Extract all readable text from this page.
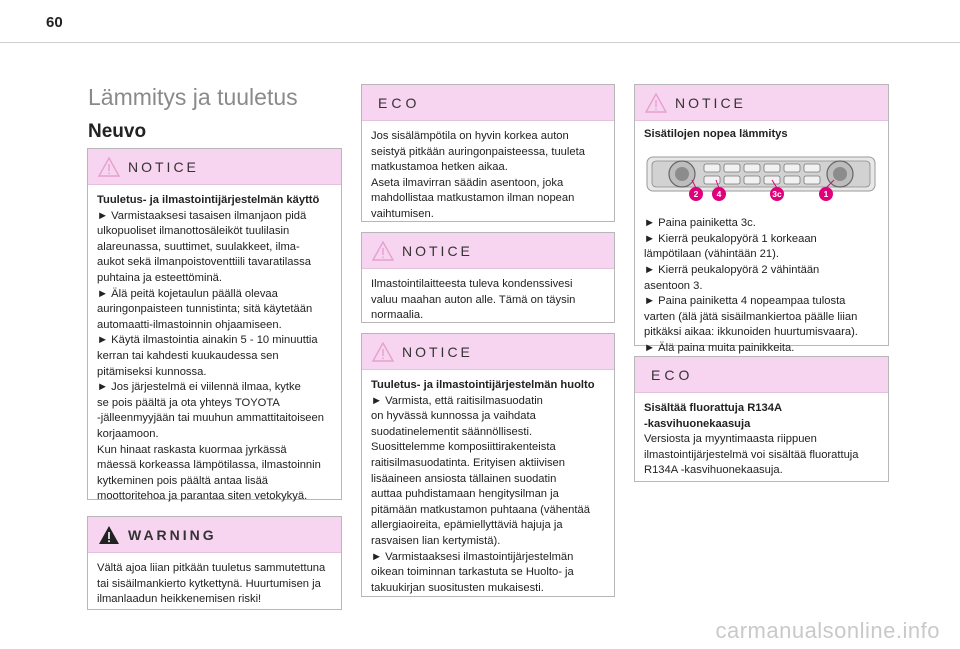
60
Lämmitys ja tuuletus
Neuvo
NOTICE

Tuuletus- ja ilmastointijärjestelmän käyttö

► Varmistaaksesi tasaisen ilmanjaon pidä

ulkopuoliset ilmanottosäleiköt tuulilasin

alareunassa, suuttimet, suulakkeet, ilma-

aukot sekä ilmanpoistoventtiili tavaratilassa

puhtaina ja esteettöminä.

► Älä peitä kojetaulun päällä olevaa

auringonpaisteen tunnistinta; sitä käytetään

automaatti-ilmastoinnin ohjaamiseen.

► Käytä ilmastointia ainakin 5 - 10 minuuttia

kerran tai kahdesti kuukaudessa sen

pitämiseksi kunnossa.

► Jos järjestelmä ei viilennä ilmaa, kytke

se pois päältä ja ota yhteys TOYOTA

-jälleenmyyjään tai muuhun ammattitaitoiseen

korjaamoon.

Kun hinaat raskasta kuormaa jyrkässä

mäessä korkeassa lämpötilassa, ilmastoinnin

kytkeminen pois päältä antaa lisää

moottoritehoa ja parantaa siten vetokykyä.

WARNING

Vältä ajoa liian pitkään tuuletus sammutettuna

tai sisäilmankierto kytkettynä. Huurtumisen ja

ilmanlaadun heikkenemisen riski!

ECO

Jos sisälämpötila on hyvin korkea auton

seistyä pitkään auringonpaisteessa, tuuleta

matkustamoa hetken aikaa.

Aseta ilmavirran säädin asentoon, joka

mahdollistaa matkustamon ilman nopean

vaihtumisen.

NOTICE

Ilmastointilaitteesta tuleva kondenssivesi

valuu maahan auton alle. Tämä on täysin

normaalia.

NOTICE

Tuuletus- ja ilmastointijärjestelmän huolto

► Varmista, että raitisilmasuodatin

on hyvässä kunnossa ja vaihdata

suodatinelementit säännöllisesti.

Suosittelemme komposiittirakenteista

raitisilmasuodatinta. Erityisen aktiivisen

lisäaineen ansiosta tällainen suodatin

auttaa puhdistamaan hengitysilman ja

pitämään matkustamon puhtaana (vähentää

allergiaoireita, epämiellyttäviä hajuja ja

rasvaisen lian kertymistä).

► Varmistaaksesi ilmastointijärjestelmän

oikean toiminnan tarkastuta se Huolto- ja

takuukirjan suositusten mukaisesti.

NOTICE

Sisätilojen nopea lämmitys

2 4	3c	1

► Paina painiketta 3c.

► Kierrä peukalopyörä 1 korkeaan

lämpötilaan (vähintään 21).

► Kierrä peukalopyörä 2 vähintään

asentoon 3.

► Paina painiketta 4 nopeampaa tulosta

varten (älä jätä sisäilmankiertoa päälle liian

pitkäksi aikaa: ikkunoiden huurtumisvaara).

► Älä paina muita painikkeita.

ECO

Sisältää fluorattuja R134A

-kasvihuonekaasuja

Versiosta ja myyntimaasta riippuen

ilmastointijärjestelmä voi sisältää fluorattuja

R134A -kasvihuonekaasuja.

carmanualsonline.info
